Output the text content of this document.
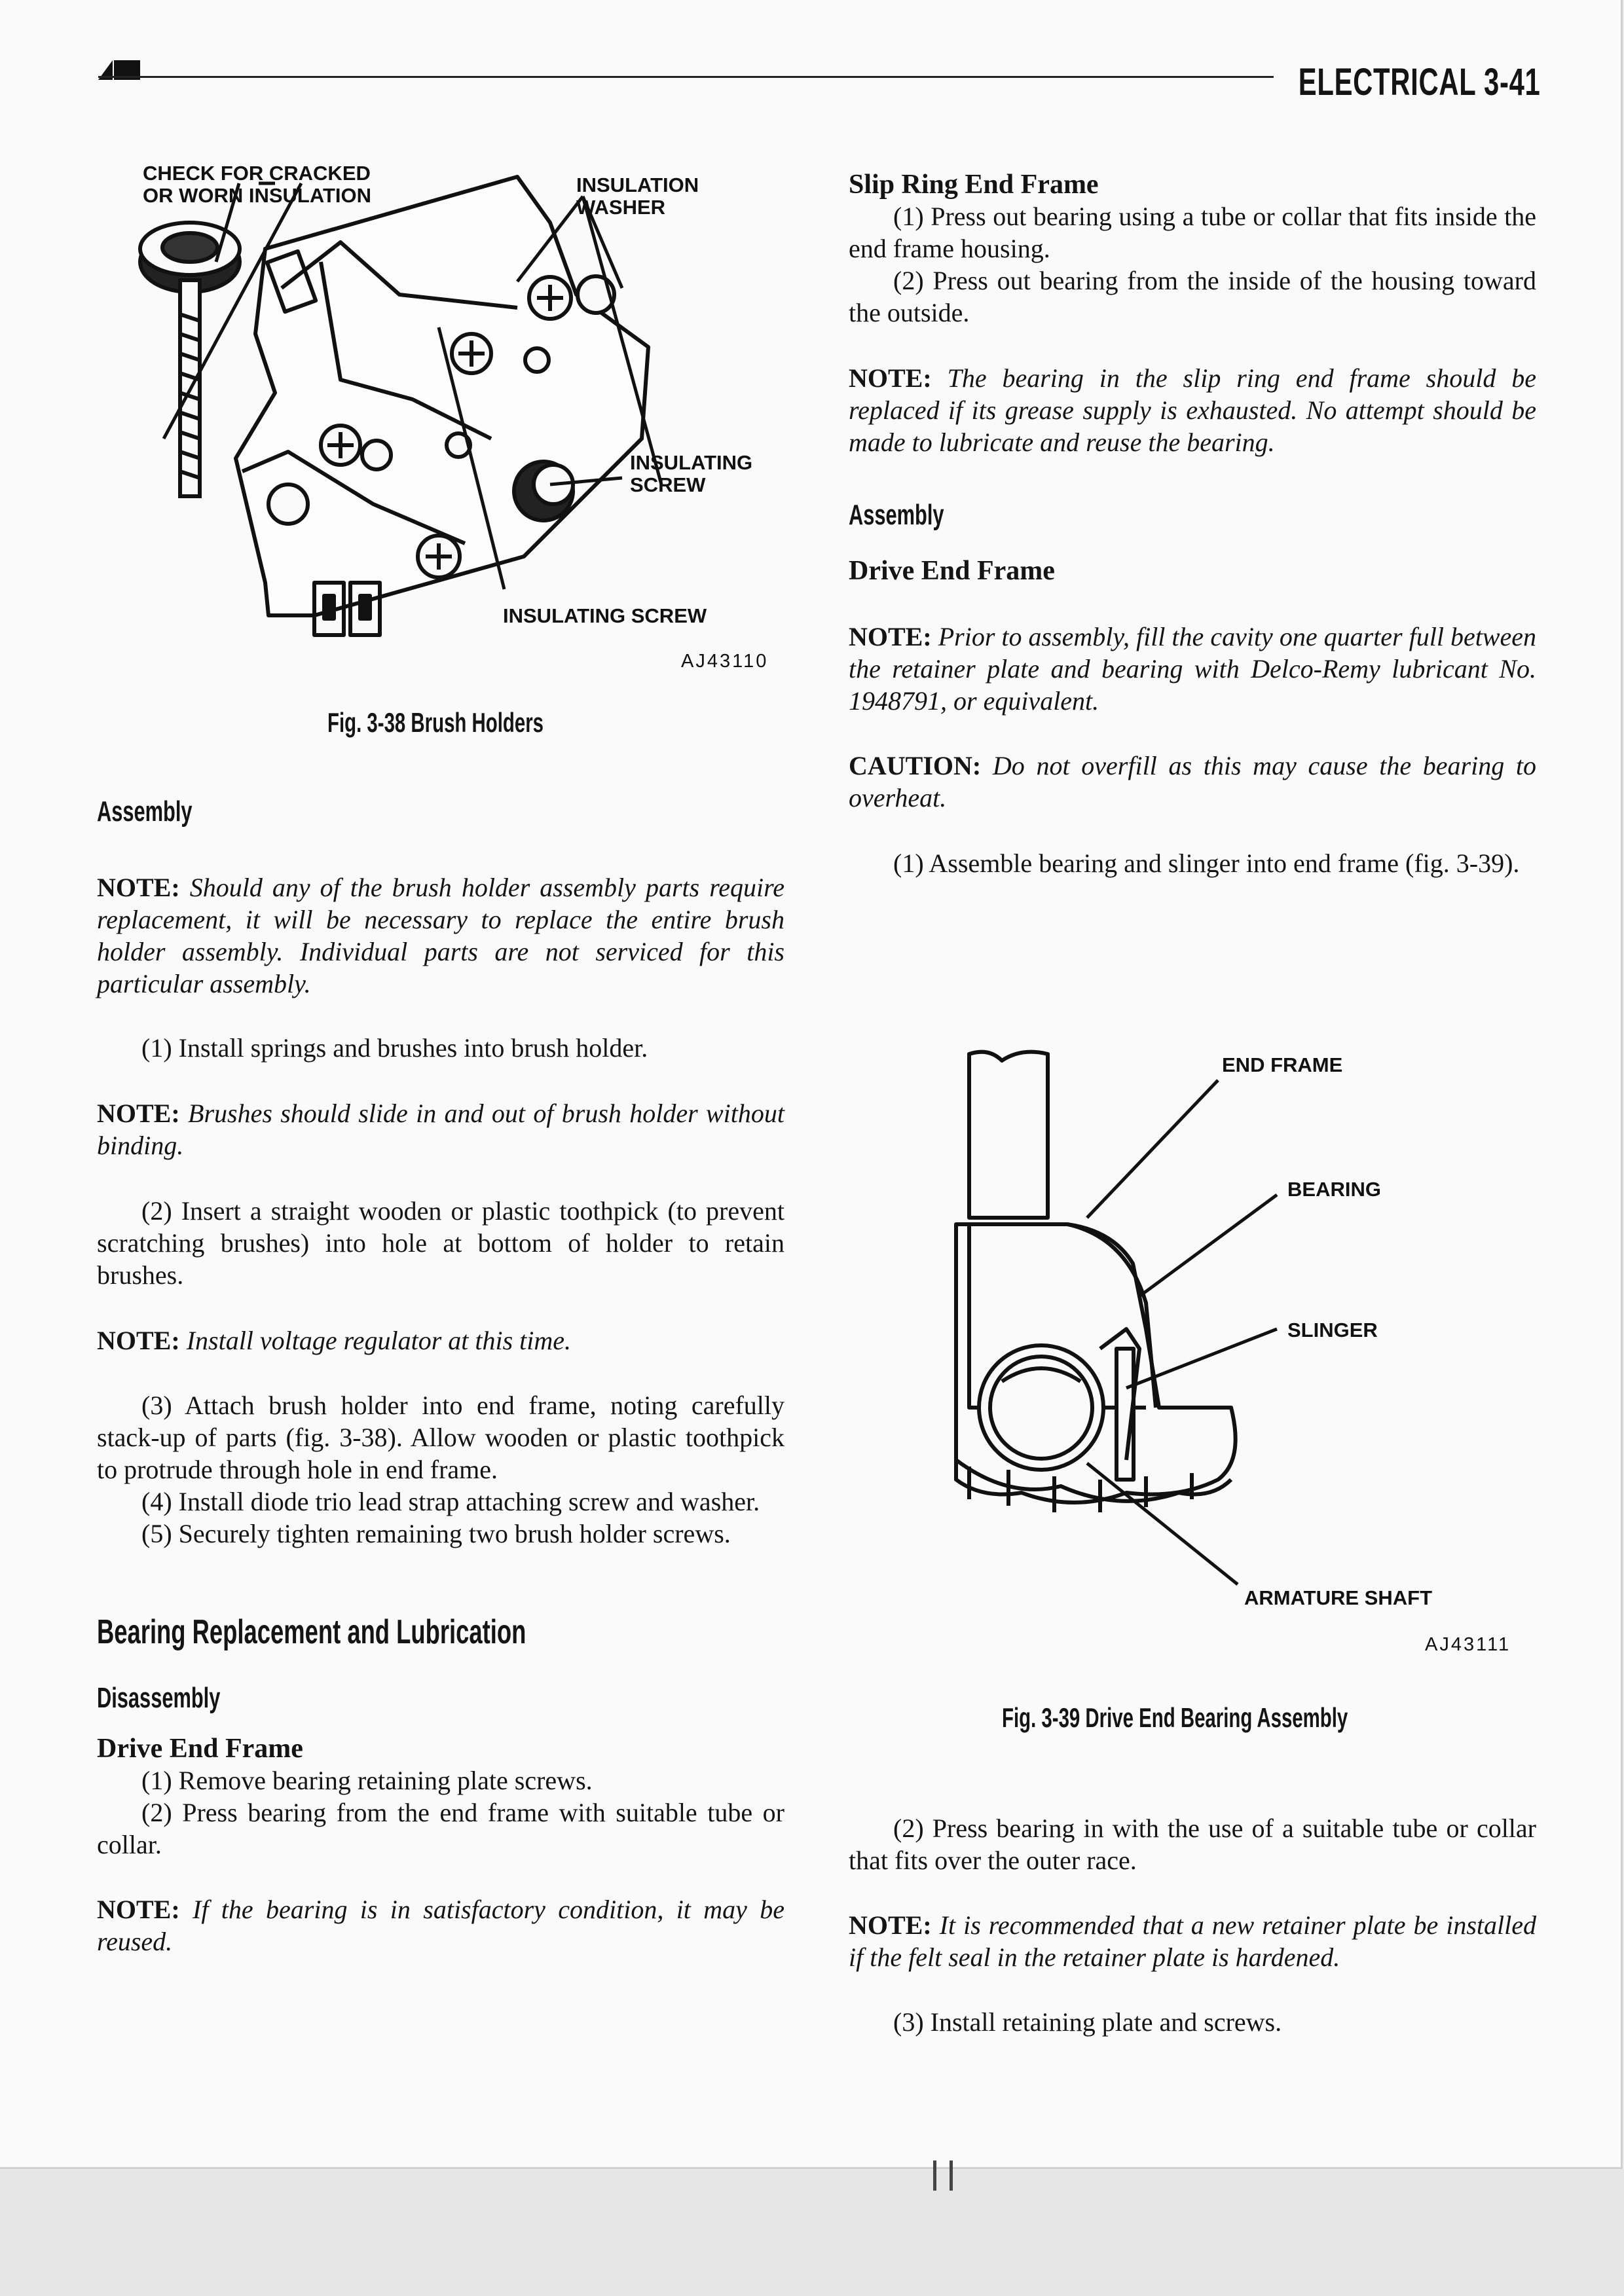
ELECTRICAL 3-41
CHECK FOR CRACKED
OR WORN INSULATION	INSULATION
WASHER
INSULATING
SCREW
INSULATING SCREW
AJ43110
Fig. 3-38 Brush Holders
Assembly

NOTE: Should any of the brush holder assembly parts require replacement, it will be necessary to replace the entire brush holder assembly. Individual parts are not serviced for this particular assembly.

(1) Install springs and brushes into brush holder.

NOTE: Brushes should slide in and out of brush holder without binding.

(2) Insert a straight wooden or plastic toothpick (to prevent scratching brushes) into hole at bottom of holder to retain brushes.

NOTE: Install voltage regulator at this time.

(3) Attach brush holder into end frame, noting carefully stack-up of parts (fig. 3-38). Allow wooden or plastic toothpick to protrude through hole in end frame.

(4) Install diode trio lead strap attaching screw and washer.

(5) Securely tighten remaining two brush holder screws.

Bearing Replacement and Lubrication
Disassembly
Drive End Frame

(1) Remove bearing retaining plate screws.

(2) Press bearing from the end frame with suitable tube or collar.

NOTE: If the bearing is in satisfactory condition, it may be reused.

Slip Ring End Frame

(1) Press out bearing using a tube or collar that fits inside the end frame housing.

(2) Press out bearing from the inside of the housing toward the outside.

NOTE: The bearing in the slip ring end frame should be replaced if its grease supply is exhausted. No attempt should be made to lubricate and reuse the bearing.

Assembly
Drive End Frame

NOTE: Prior to assembly, fill the cavity one quarter full between the retainer plate and bearing with Delco-Remy lubricant No. 1948791, or equivalent.

CAUTION: Do not overfill as this may cause the bearing to overheat.

(1) Assemble bearing and slinger into end frame (fig. 3-39).

END FRAME
BEARING
SLINGER
ARMATURE SHAFT
AJ43111
Fig. 3-39 Drive End Bearing Assembly

(2) Press bearing in with the use of a suitable tube or collar that fits over the outer race.

NOTE: It is recommended that a new retainer plate be installed if the felt seal in the retainer plate is hardened.

(3) Install retaining plate and screws.
